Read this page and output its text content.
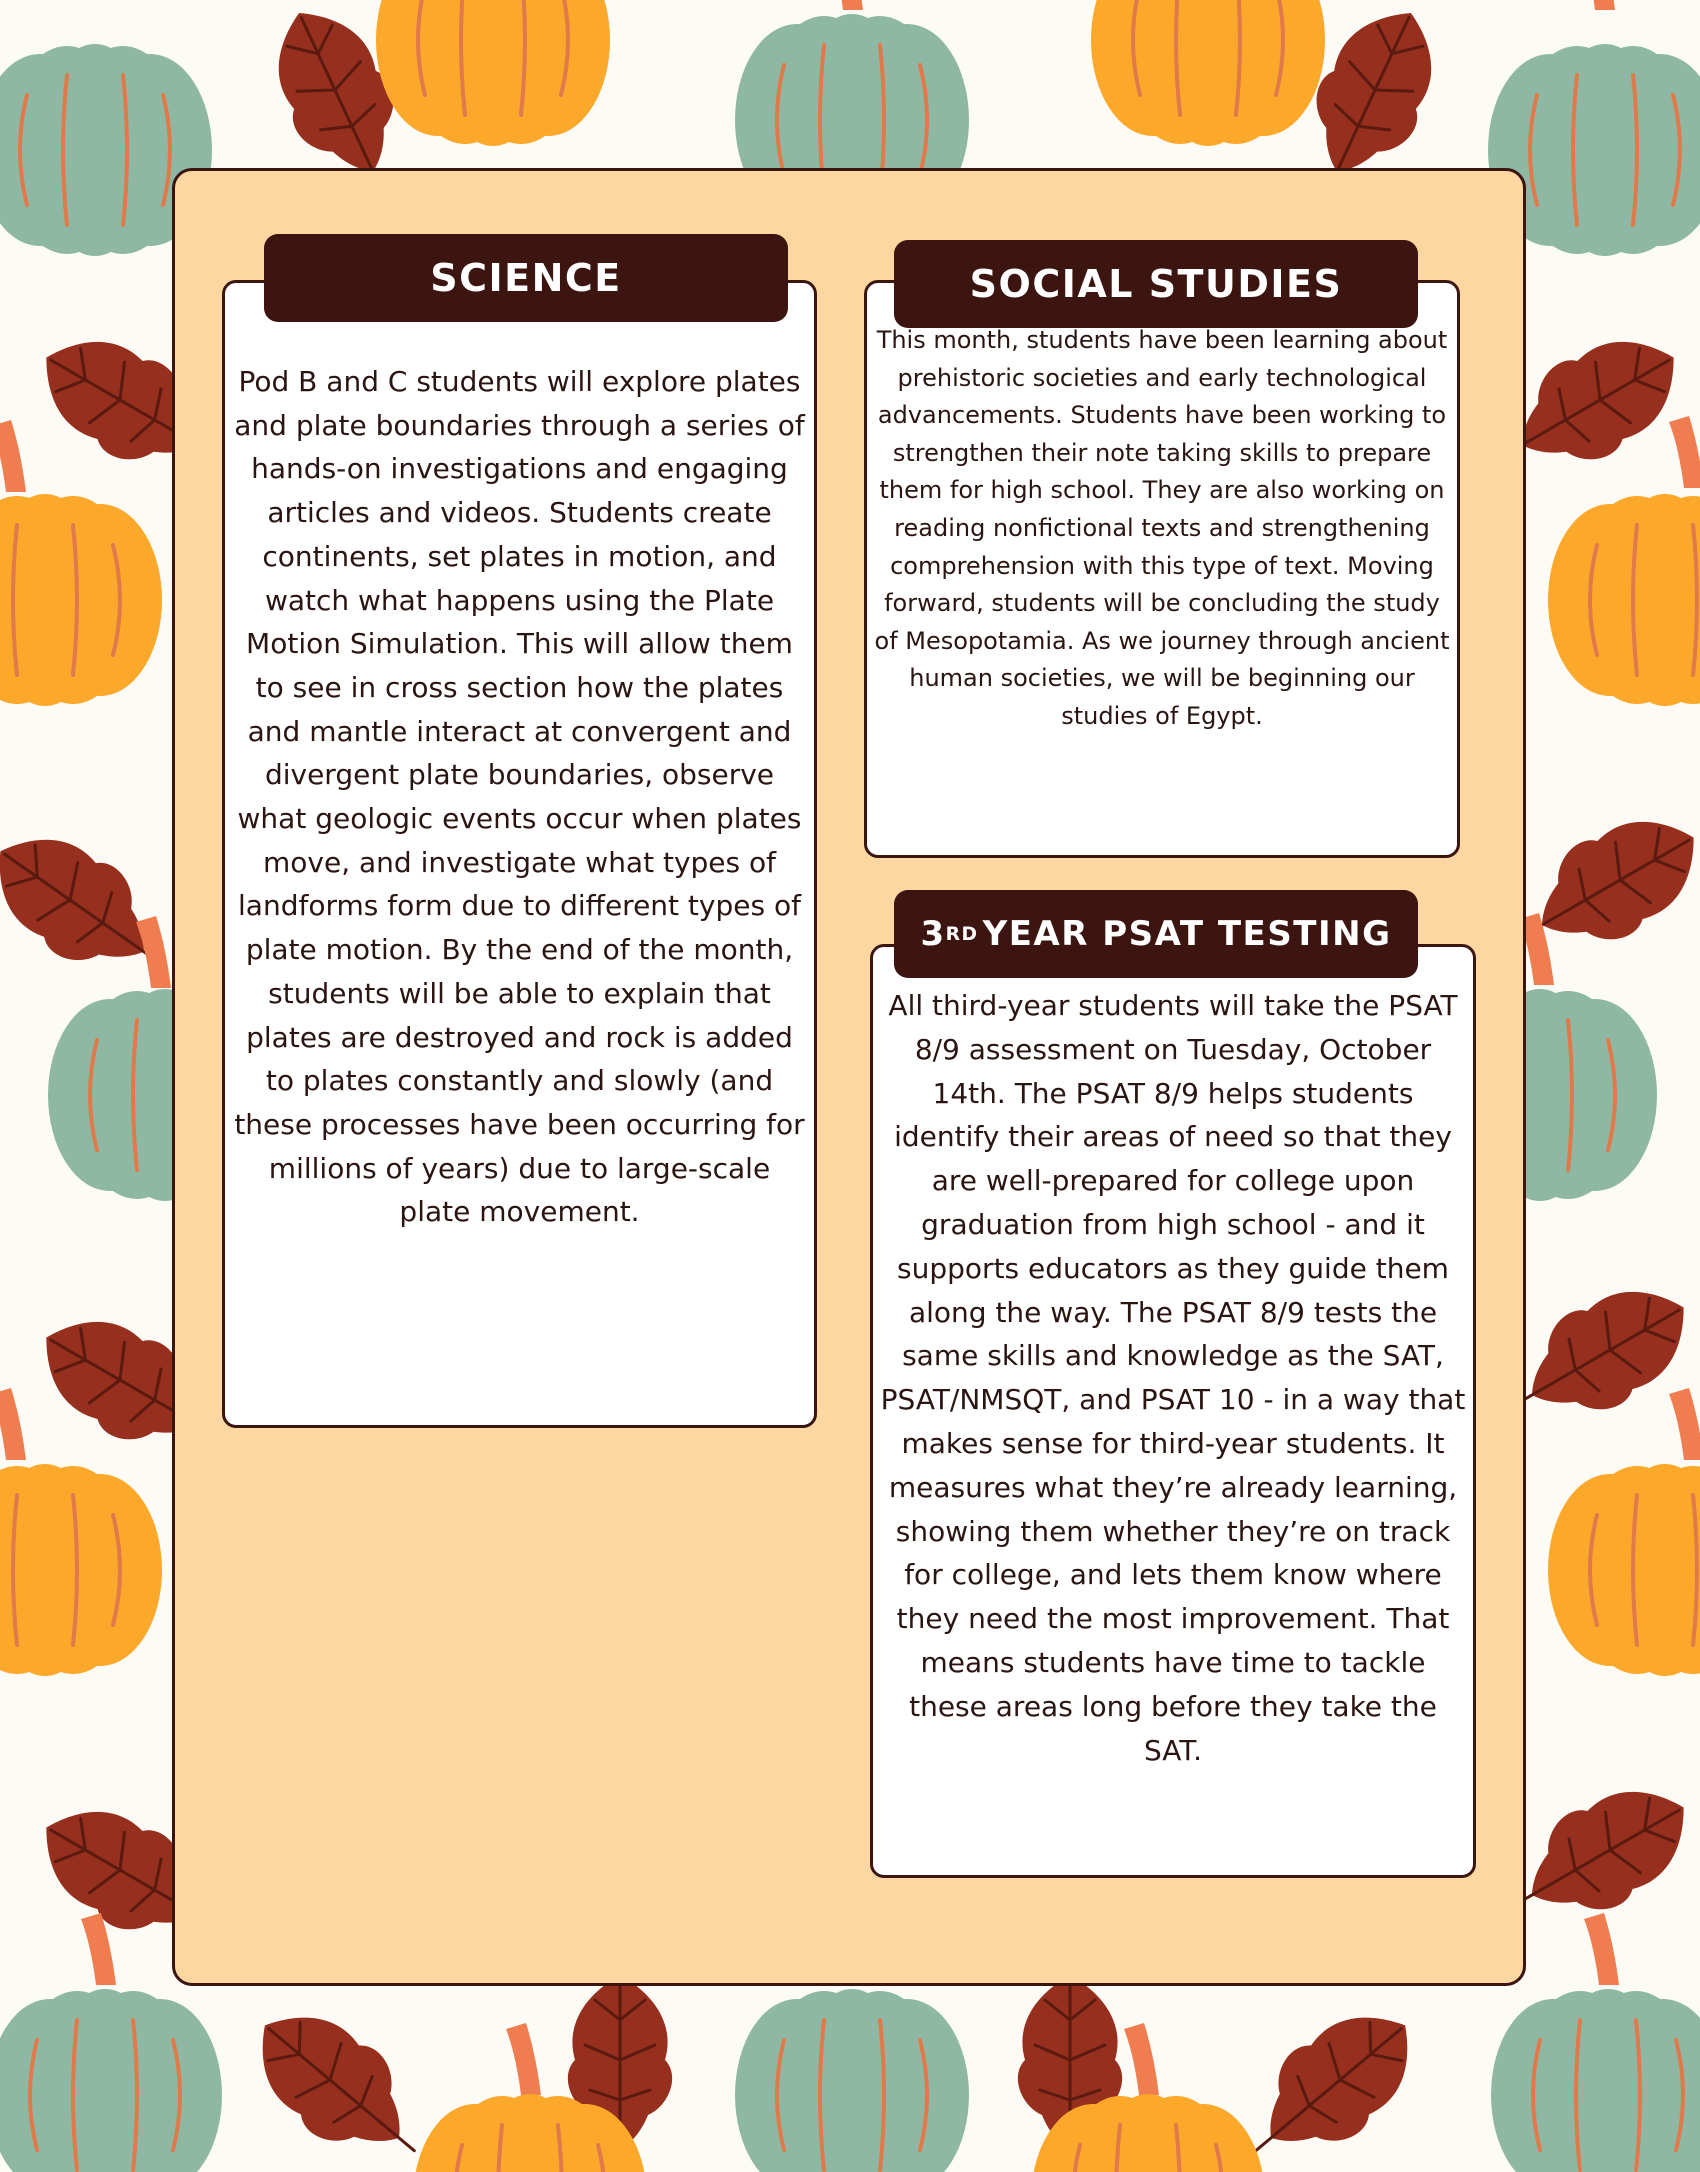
SCIENCE
Pod B and C students will explore plates and plate boundaries through a series of hands-on investigations and engaging articles and videos. Students create continents, set plates in motion, and watch what happens using the Plate Motion Simulation. This will allow them to see in cross section how the plates and mantle interact at convergent and divergent plate boundaries, observe what geologic events occur when plates move, and investigate what types of landforms form due to different types of plate motion. By the end of the month, students will be able to explain that plates are destroyed and rock is added to plates constantly and slowly (and these processes have been occurring for millions of years) due to large-scale plate movement.
SOCIAL STUDIES
This month, students have been learning about prehistoric societies and early technological advancements. Students have been working to strengthen their note taking skills to prepare them for high school. They are also working on reading nonfictional texts and strengthening comprehension with this type of text. Moving forward, students will be concluding the study of Mesopotamia. As we journey through ancient human societies, we will be beginning our studies of Egypt.
3 RD YEAR PSAT TESTING
All third-year students will take the PSAT 8/9 assessment on Tuesday, October 14th. The PSAT 8/9 helps students identify their areas of need so that they are well-prepared for college upon graduation from high school - and it supports educators as they guide them along the way. The PSAT 8/9 tests the same skills and knowledge as the SAT, PSAT/NMSQT, and PSAT 10 - in a way that makes sense for third-year students. It measures what they’re already learning, showing them whether they’re on track for college, and lets them know where they need the most improvement. That means students have time to tackle these areas long before they take the SAT.
